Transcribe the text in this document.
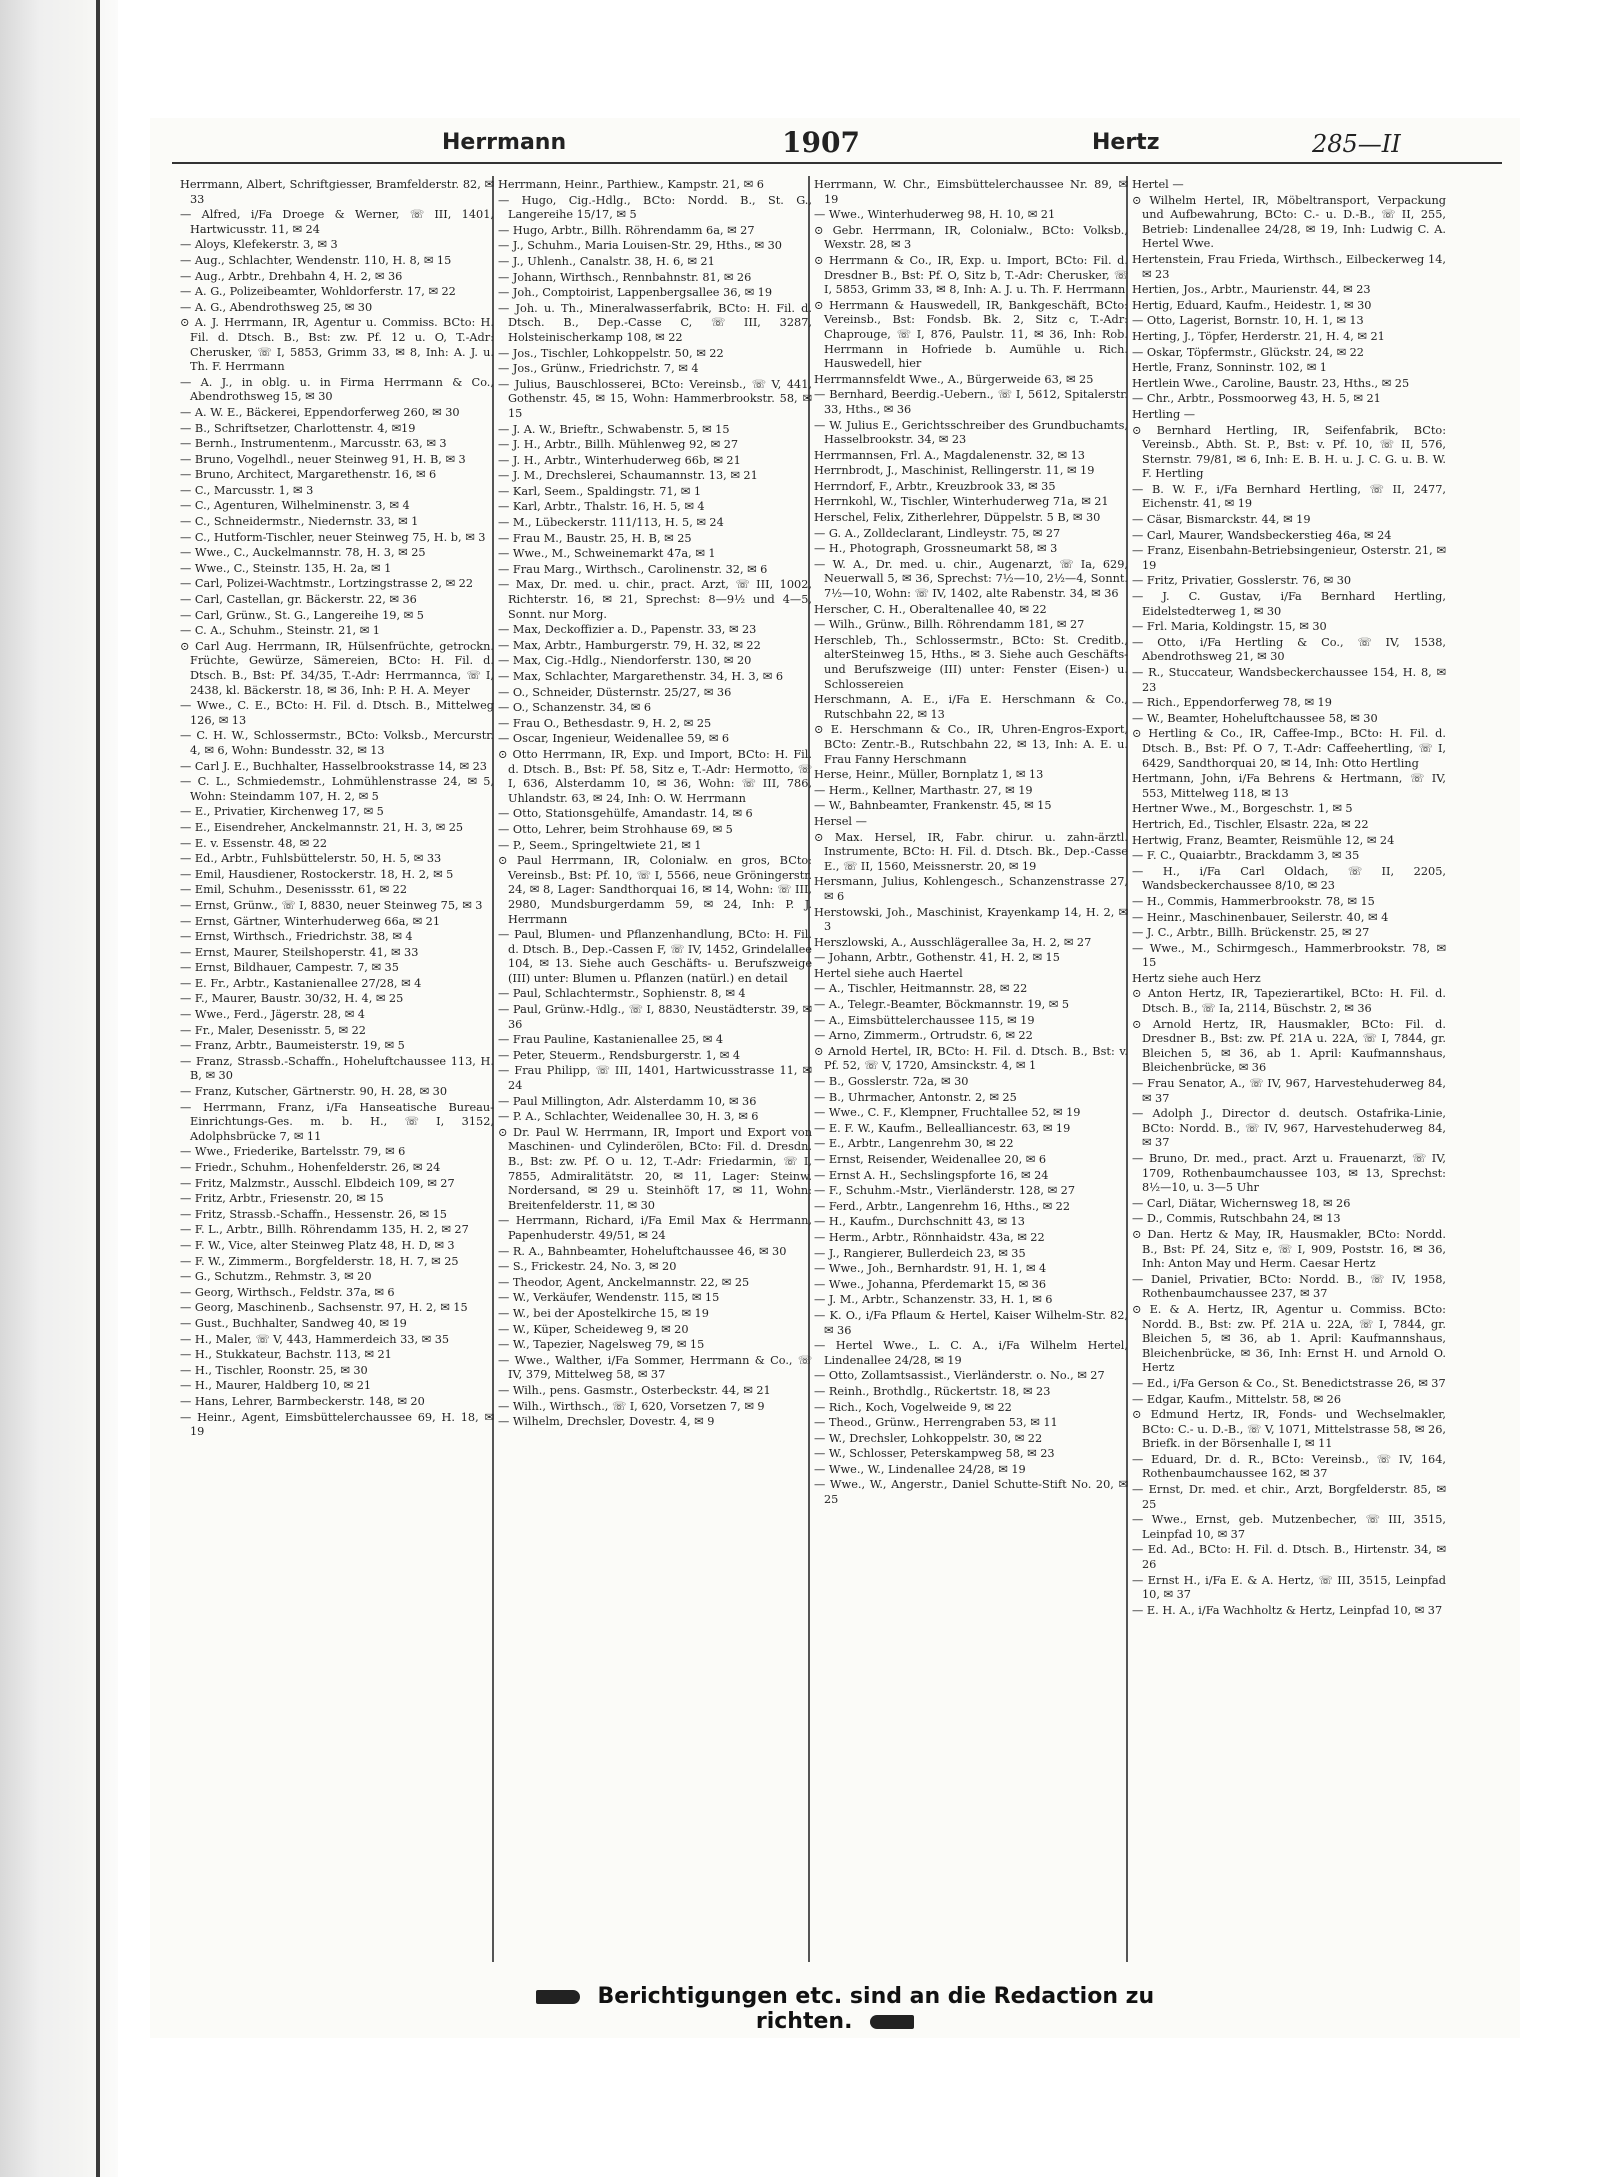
Herrmann	1907	Hertz	285—II
Herrmann, Albert, Schriftgiesser, Bramfelderstr. 82, ✉ 33
— Alfred, i/Fa Droege & Werner, ☏ III, 1401, Hartwicusstr. 11, ✉ 24
— Aloys, Klefekerstr. 3, ✉ 3
— Aug., Schlachter, Wendenstr. 110, H. 8, ✉ 15
— Aug., Arbtr., Drehbahn 4, H. 2, ✉ 36
— A. G., Polizeibeamter, Wohldorferstr. 17, ✉ 22
— A. G., Abendrothsweg 25, ✉ 30
⊙ A. J. Herrmann, IR, Agentur u. Commiss. BCto: H. Fil. d. Dtsch. B., Bst: zw. Pf. 12 u. O, T.-Adr: Cherusker, ☏ I, 5853, Grimm 33, ✉ 8, Inh: A. J. u. Th. F. Herrmann
— A. J., in oblg. u. in Firma Herrmann & Co., Abendrothsweg 15, ✉ 30
— A. W. E., Bäckerei, Eppendorferweg 260, ✉ 30
— B., Schriftsetzer, Charlottenstr. 4, ✉19
— Bernh., Instrumentenm., Marcusstr. 63, ✉ 3
— Bruno, Vogelhdl., neuer Steinweg 91, H. B, ✉ 3
— Bruno, Architect, Margarethenstr. 16, ✉ 6
— C., Marcusstr. 1, ✉ 3
— C., Agenturen, Wilhelminenstr. 3, ✉ 4
— C., Schneidermstr., Niedernstr. 33, ✉ 1
— C., Hutform-Tischler, neuer Steinweg 75, H. b, ✉ 3
— Wwe., C., Auckelmannstr. 78, H. 3, ✉ 25
— Wwe., C., Steinstr. 135, H. 2a, ✉ 1
— Carl, Polizei-Wachtmstr., Lortzingstrasse 2, ✉ 22
— Carl, Castellan, gr. Bäckerstr. 22, ✉ 36
— Carl, Grünw., St. G., Langereihe 19, ✉ 5
— C. A., Schuhm., Steinstr. 21, ✉ 1
⊙ Carl Aug. Herrmann, IR, Hülsenfrüchte, getrockn. Früchte, Gewürze, Sämereien, BCto: H. Fil. d. Dtsch. B., Bst: Pf. 34/35, T.-Adr: Herrmannca, ☏ I, 2438, kl. Bäckerstr. 18, ✉ 36, Inh: P. H. A. Meyer
— Wwe., C. E., BCto: H. Fil. d. Dtsch. B., Mittelweg 126, ✉ 13
— C. H. W., Schlossermstr., BCto: Volksb., Mercurstr. 4, ✉ 6, Wohn: Bundesstr. 32, ✉ 13
— Carl J. E., Buchhalter, Hasselbrookstrasse 14, ✉ 23
— C. L., Schmiedemstr., Lohmühlenstrasse 24, ✉ 5, Wohn: Steindamm 107, H. 2, ✉ 5
— E., Privatier, Kirchenweg 17, ✉ 5
— E., Eisendreher, Anckelmannstr. 21, H. 3, ✉ 25
— E. v. Essenstr. 48, ✉ 22
— Ed., Arbtr., Fuhlsbüttelerstr. 50, H. 5, ✉ 33
— Emil, Hausdiener, Rostockerstr. 18, H. 2, ✉ 5
— Emil, Schuhm., Desenissstr. 61, ✉ 22
— Ernst, Grünw., ☏ I, 8830, neuer Steinweg 75, ✉ 3
— Ernst, Gärtner, Winterhuderweg 66a, ✉ 21
— Ernst, Wirthsch., Friedrichstr. 38, ✉ 4
— Ernst, Maurer, Steilshoperstr. 41, ✉ 33
— Ernst, Bildhauer, Campestr. 7, ✉ 35
— E. Fr., Arbtr., Kastanienallee 27/28, ✉ 4
— F., Maurer, Baustr. 30/32, H. 4, ✉ 25
— Wwe., Ferd., Jägerstr. 28, ✉ 4
— Fr., Maler, Desenisstr. 5, ✉ 22
— Franz, Arbtr., Baumeisterstr. 19, ✉ 5
— Franz, Strassb.-Schaffn., Hoheluftchaussee 113, H. B, ✉ 30
— Franz, Kutscher, Gärtnerstr. 90, H. 28, ✉ 30
— Herrmann, Franz, i/Fa Hanseatische Bureau-Einrichtungs-Ges. m. b. H., ☏ I, 3152, Adolphsbrücke 7, ✉ 11
— Wwe., Friederike, Bartelsstr. 79, ✉ 6
— Friedr., Schuhm., Hohenfelderstr. 26, ✉ 24
— Fritz, Malzmstr., Ausschl. Elbdeich 109, ✉ 27
— Fritz, Arbtr., Friesenstr. 20, ✉ 15
— Fritz, Strassb.-Schaffn., Hessenstr. 26, ✉ 15
— F. L., Arbtr., Billh. Röhrendamm 135, H. 2, ✉ 27
— F. W., Vice, alter Steinweg Platz 48, H. D, ✉ 3
— F. W., Zimmerm., Borgfelderstr. 18, H. 7, ✉ 25
— G., Schutzm., Rehmstr. 3, ✉ 20
— Georg, Wirthsch., Feldstr. 37a, ✉ 6
— Georg, Maschinenb., Sachsenstr. 97, H. 2, ✉ 15
— Gust., Buchhalter, Sandweg 40, ✉ 19
— H., Maler, ☏ V, 443, Hammerdeich 33, ✉ 35
— H., Stukkateur, Bachstr. 113, ✉ 21
— H., Tischler, Roonstr. 25, ✉ 30
— H., Maurer, Haldberg 10, ✉ 21
— Hans, Lehrer, Barmbeckerstr. 148, ✉ 20
— Heinr., Agent, Eimsbüttelerchaussee 69, H. 18, ✉ 19
Herrmann, Heinr., Parthiew., Kampstr. 21, ✉ 6
— Hugo, Cig.-Hdlg., BCto: Nordd. B., St. G., Langereihe 15/17, ✉ 5
— Hugo, Arbtr., Billh. Röhrendamm 6a, ✉ 27
— J., Schuhm., Maria Louisen-Str. 29, Hths., ✉ 30
— J., Uhlenh., Canalstr. 38, H. 6, ✉ 21
— Johann, Wirthsch., Rennbahnstr. 81, ✉ 26
— Joh., Comptoirist, Lappenbergsallee 36, ✉ 19
— Joh. u. Th., Mineralwasserfabrik, BCto: H. Fil. d. Dtsch. B., Dep.-Casse C, ☏ III, 3287, Holsteinischerkamp 108, ✉ 22
— Jos., Tischler, Lohkoppelstr. 50, ✉ 22
— Jos., Grünw., Friedrichstr. 7, ✉ 4
— Julius, Bauschlosserei, BCto: Vereinsb., ☏ V, 441, Gothenstr. 45, ✉ 15, Wohn: Hammerbrookstr. 58, ✉ 15
— J. A. W., Brieftr., Schwabenstr. 5, ✉ 15
— J. H., Arbtr., Billh. Mühlenweg 92, ✉ 27
— J. H., Arbtr., Winterhuderweg 66b, ✉ 21
— J. M., Drechslerei, Schaumannstr. 13, ✉ 21
— Karl, Seem., Spaldingstr. 71, ✉ 1
— Karl, Arbtr., Thalstr. 16, H. 5, ✉ 4
— M., Lübeckerstr. 111/113, H. 5, ✉ 24
— Frau M., Baustr. 25, H. B, ✉ 25
— Wwe., M., Schweinemarkt 47a, ✉ 1
— Frau Marg., Wirthsch., Carolinenstr. 32, ✉ 6
— Max, Dr. med. u. chir., pract. Arzt, ☏ III, 1002, Richterstr. 16, ✉ 21, Sprechst: 8—9½ und 4—5, Sonnt. nur Morg.
— Max, Deckoffizier a. D., Papenstr. 33, ✉ 23
— Max, Arbtr., Hamburgerstr. 79, H. 32, ✉ 22
— Max, Cig.-Hdlg., Niendorferstr. 130, ✉ 20
— Max, Schlachter, Margarethenstr. 34, H. 3, ✉ 6
— O., Schneider, Düsternstr. 25/27, ✉ 36
— O., Schanzenstr. 34, ✉ 6
— Frau O., Bethesdastr. 9, H. 2, ✉ 25
— Oscar, Ingenieur, Weidenallee 59, ✉ 6
⊙ Otto Herrmann, IR, Exp. und Import, BCto: H. Fil. d. Dtsch. B., Bst: Pf. 58, Sitz e, T.-Adr: Hermotto, ☏ I, 636, Alsterdamm 10, ✉ 36, Wohn: ☏ III, 786, Uhlandstr. 63, ✉ 24, Inh: O. W. Herrmann
— Otto, Stationsgehülfe, Amandastr. 14, ✉ 6
— Otto, Lehrer, beim Strohhause 69, ✉ 5
— P., Seem., Springeltwiete 21, ✉ 1
⊙ Paul Herrmann, IR, Colonialw. en gros, BCto: Vereinsb., Bst: Pf. 10, ☏ I, 5566, neue Gröningerstr. 24, ✉ 8, Lager: Sandthorquai 16, ✉ 14, Wohn: ☏ III, 2980, Mundsburgerdamm 59, ✉ 24, Inh: P. J. Herrmann
— Paul, Blumen- und Pflanzenhandlung, BCto: H. Fil. d. Dtsch. B., Dep.-Cassen F, ☏ IV, 1452, Grindelallee 104, ✉ 13. Siehe auch Geschäfts- u. Berufszweige (III) unter: Blumen u. Pflanzen (natürl.) en detail
— Paul, Schlachtermstr., Sophienstr. 8, ✉ 4
— Paul, Grünw.-Hdlg., ☏ I, 8830, Neustädterstr. 39, ✉ 36
— Frau Pauline, Kastanienallee 25, ✉ 4
— Peter, Steuerm., Rendsburgerstr. 1, ✉ 4
— Frau Philipp, ☏ III, 1401, Hartwicusstrasse 11, ✉ 24
— Paul Millington, Adr. Alsterdamm 10, ✉ 36
— P. A., Schlachter, Weidenallee 30, H. 3, ✉ 6
⊙ Dr. Paul W. Herrmann, IR, Import und Export von Maschinen- und Cylinderölen, BCto: Fil. d. Dresdn. B., Bst: zw. Pf. O u. 12, T.-Adr: Friedarmin, ☏ I, 7855, Admiralitätstr. 20, ✉ 11, Lager: Steinw. Nordersand, ✉ 29 u. Steinhöft 17, ✉ 11, Wohn: Breitenfelderstr. 11, ✉ 30
— Herrmann, Richard, i/Fa Emil Max & Herrmann, Papenhuderstr. 49/51, ✉ 24
— R. A., Bahnbeamter, Hoheluftchaussee 46, ✉ 30
— S., Frickestr. 24, No. 3, ✉ 20
— Theodor, Agent, Anckelmannstr. 22, ✉ 25
— W., Verkäufer, Wendenstr. 115, ✉ 15
— W., bei der Apostelkirche 15, ✉ 19
— W., Küper, Scheideweg 9, ✉ 20
— W., Tapezier, Nagelsweg 79, ✉ 15
— Wwe., Walther, i/Fa Sommer, Herrmann & Co., ☏ IV, 379, Mittelweg 58, ✉ 37
— Wilh., pens. Gasmstr., Osterbeckstr. 44, ✉ 21
— Wilh., Wirthsch., ☏ I, 620, Vorsetzen 7, ✉ 9
— Wilhelm, Drechsler, Dovestr. 4, ✉ 9
Herrmann, W. Chr., Eimsbüttelerchaussee Nr. 89, ✉ 19
— Wwe., Winterhuderweg 98, H. 10, ✉ 21
⊙ Gebr. Herrmann, IR, Colonialw., BCto: Volksb., Wexstr. 28, ✉ 3
⊙ Herrmann & Co., IR, Exp. u. Import, BCto: Fil. d. Dresdner B., Bst: Pf. O, Sitz b, T.-Adr: Cherusker, ☏ I, 5853, Grimm 33, ✉ 8, Inh: A. J. u. Th. F. Herrmann
⊙ Herrmann & Hauswedell, IR, Bankgeschäft, BCto: Vereinsb., Bst: Fondsb. Bk. 2, Sitz c, T.-Adr: Chaprouge, ☏ I, 876, Paulstr. 11, ✉ 36, Inh: Rob. Herrmann in Hofriede b. Aumühle u. Rich. Hauswedell, hier
Herrmannsfeldt Wwe., A., Bürgerweide 63, ✉ 25
— Bernhard, Beerdig.-Uebern., ☏ I, 5612, Spitalerstr. 33, Hths., ✉ 36
— W. Julius E., Gerichtsschreiber des Grundbuchamts, Hasselbrookstr. 34, ✉ 23
Herrmannsen, Frl. A., Magdalenenstr. 32, ✉ 13
Herrnbrodt, J., Maschinist, Rellingerstr. 11, ✉ 19
Herrndorf, F., Arbtr., Kreuzbrook 33, ✉ 35
Herrnkohl, W., Tischler, Winterhuderweg 71a, ✉ 21
Herschel, Felix, Zitherlehrer, Düppelstr. 5 B, ✉ 30
— G. A., Zolldeclarant, Lindleystr. 75, ✉ 27
— H., Photograph, Grossneumarkt 58, ✉ 3
— W. A., Dr. med. u. chir., Augenarzt, ☏ Ia, 629, Neuerwall 5, ✉ 36, Sprechst: 7½—10, 2½—4, Sonnt. 7½—10, Wohn: ☏ IV, 1402, alte Rabenstr. 34, ✉ 36
Herscher, C. H., Oberaltenallee 40, ✉ 22
— Wilh., Grünw., Billh. Röhrendamm 181, ✉ 27
Herschleb, Th., Schlossermstr., BCto: St. Creditb., alterSteinweg 15, Hths., ✉ 3. Siehe auch Geschäfts- und Berufszweige (III) unter: Fenster (Eisen-) u. Schlossereien
Herschmann, A. E., i/Fa E. Herschmann & Co., Rutschbahn 22, ✉ 13
⊙ E. Herschmann & Co., IR, Uhren-Engros-Export, BCto: Zentr.-B., Rutschbahn 22, ✉ 13, Inh: A. E. u. Frau Fanny Herschmann
Herse, Heinr., Müller, Bornplatz 1, ✉ 13
— Herm., Kellner, Marthastr. 27, ✉ 19
— W., Bahnbeamter, Frankenstr. 45, ✉ 15
Hersel —
⊙ Max. Hersel, IR, Fabr. chirur. u. zahn-ärztl. Instrumente, BCto: H. Fil. d. Dtsch. Bk., Dep.-Casse E., ☏ II, 1560, Meissnerstr. 20, ✉ 19
Hersmann, Julius, Kohlengesch., Schanzenstrasse 27, ✉ 6
Herstowski, Joh., Maschinist, Krayenkamp 14, H. 2, ✉ 3
Herszlowski, A., Ausschlägerallee 3a, H. 2, ✉ 27
— Johann, Arbtr., Gothenstr. 41, H. 2, ✉ 15
Hertel siehe auch Haertel
— A., Tischler, Heitmannstr. 28, ✉ 22
— A., Telegr.-Beamter, Böckmannstr. 19, ✉ 5
— A., Eimsbüttelerchaussee 115, ✉ 19
— Arno, Zimmerm., Ortrudstr. 6, ✉ 22
⊙ Arnold Hertel, IR, BCto: H. Fil. d. Dtsch. B., Bst: v. Pf. 52, ☏ V, 1720, Amsinckstr. 4, ✉ 1
— B., Gosslerstr. 72a, ✉ 30
— B., Uhrmacher, Antonstr. 2, ✉ 25
— Wwe., C. F., Klempner, Fruchtallee 52, ✉ 19
— E. F. W., Kaufm., Bellealliancestr. 63, ✉ 19
— E., Arbtr., Langenrehm 30, ✉ 22
— Ernst, Reisender, Weidenallee 20, ✉ 6
— Ernst A. H., Sechslingspforte 16, ✉ 24
— F., Schuhm.-Mstr., Vierländerstr. 128, ✉ 27
— Ferd., Arbtr., Langenrehm 16, Hths., ✉ 22
— H., Kaufm., Durchschnitt 43, ✉ 13
— Herm., Arbtr., Rönnhaidstr. 43a, ✉ 22
— J., Rangierer, Bullerdeich 23, ✉ 35
— Wwe., Joh., Bernhardstr. 91, H. 1, ✉ 4
— Wwe., Johanna, Pferdemarkt 15, ✉ 36
— J. M., Arbtr., Schanzenstr. 33, H. 1, ✉ 6
— K. O., i/Fa Pflaum & Hertel, Kaiser Wilhelm-Str. 82, ✉ 36
— Hertel Wwe., L. C. A., i/Fa Wilhelm Hertel, Lindenallee 24/28, ✉ 19
— Otto, Zollamtsassist., Vierländerstr. o. No., ✉ 27
— Reinh., Brothdlg., Rückertstr. 18, ✉ 23
— Rich., Koch, Vogelweide 9, ✉ 22
— Theod., Grünw., Herrengraben 53, ✉ 11
— W., Drechsler, Lohkoppelstr. 30, ✉ 22
— W., Schlosser, Peterskampweg 58, ✉ 23
— Wwe., W., Lindenallee 24/28, ✉ 19
— Wwe., W., Angerstr., Daniel Schutte-Stift No. 20, ✉ 25
Hertel —
⊙ Wilhelm Hertel, IR, Möbeltransport, Verpackung und Aufbewahrung, BCto: C.- u. D.-B., ☏ II, 255, Betrieb: Lindenallee 24/28, ✉ 19, Inh: Ludwig C. A. Hertel Wwe.
Hertenstein, Frau Frieda, Wirthsch., Eilbeckerweg 14, ✉ 23
Hertien, Jos., Arbtr., Maurienstr. 44, ✉ 23
Hertig, Eduard, Kaufm., Heidestr. 1, ✉ 30
— Otto, Lagerist, Bornstr. 10, H. 1, ✉ 13
Herting, J., Töpfer, Herderstr. 21, H. 4, ✉ 21
— Oskar, Töpfermstr., Glückstr. 24, ✉ 22
Hertle, Franz, Sonninstr. 102, ✉ 1
Hertlein Wwe., Caroline, Baustr. 23, Hths., ✉ 25
— Chr., Arbtr., Possmoorweg 43, H. 5, ✉ 21
Hertling —
⊙ Bernhard Hertling, IR, Seifenfabrik, BCto: Vereinsb., Abth. St. P., Bst: v. Pf. 10, ☏ II, 576, Sternstr. 79/81, ✉ 6, Inh: E. B. H. u. J. C. G. u. B. W. F. Hertling
— B. W. F., i/Fa Bernhard Hertling, ☏ II, 2477, Eichenstr. 41, ✉ 19
— Cäsar, Bismarckstr. 44, ✉ 19
— Carl, Maurer, Wandsbeckerstieg 46a, ✉ 24
— Franz, Eisenbahn-Betriebsingenieur, Osterstr. 21, ✉ 19
— Fritz, Privatier, Gosslerstr. 76, ✉ 30
— J. C. Gustav, i/Fa Bernhard Hertling, Eidelstedterweg 1, ✉ 30
— Frl. Maria, Koldingstr. 15, ✉ 30
— Otto, i/Fa Hertling & Co., ☏ IV, 1538, Abendrothsweg 21, ✉ 30
— R., Stuccateur, Wandsbeckerchaussee 154, H. 8, ✉ 23
— Rich., Eppendorferweg 78, ✉ 19
— W., Beamter, Hoheluftchaussee 58, ✉ 30
⊙ Hertling & Co., IR, Caffee-Imp., BCto: H. Fil. d. Dtsch. B., Bst: Pf. O 7, T.-Adr: Caffeehertling, ☏ I, 6429, Sandthorquai 20, ✉ 14, Inh: Otto Hertling
Hertmann, John, i/Fa Behrens & Hertmann, ☏ IV, 553, Mittelweg 118, ✉ 13
Hertner Wwe., M., Borgeschstr. 1, ✉ 5
Hertrich, Ed., Tischler, Elsastr. 22a, ✉ 22
Hertwig, Franz, Beamter, Reismühle 12, ✉ 24
— F. C., Quaiarbtr., Brackdamm 3, ✉ 35
— H., i/Fa Carl Oldach, ☏ II, 2205, Wandsbeckerchaussee 8/10, ✉ 23
— H., Commis, Hammerbrookstr. 78, ✉ 15
— Heinr., Maschinenbauer, Seilerstr. 40, ✉ 4
— J. C., Arbtr., Billh. Brückenstr. 25, ✉ 27
— Wwe., M., Schirmgesch., Hammerbrookstr. 78, ✉ 15
Hertz siehe auch Herz
⊙ Anton Hertz, IR, Tapezierartikel, BCto: H. Fil. d. Dtsch. B., ☏ Ia, 2114, Büschstr. 2, ✉ 36
⊙ Arnold Hertz, IR, Hausmakler, BCto: Fil. d. Dresdner B., Bst: zw. Pf. 21A u. 22A, ☏ I, 7844, gr. Bleichen 5, ✉ 36, ab 1. April: Kaufmannshaus, Bleichenbrücke, ✉ 36
— Frau Senator, A., ☏ IV, 967, Harvestehuderweg 84, ✉ 37
— Adolph J., Director d. deutsch. Ostafrika-Linie, BCto: Nordd. B., ☏ IV, 967, Harvestehuderweg 84, ✉ 37
— Bruno, Dr. med., pract. Arzt u. Frauenarzt, ☏ IV, 1709, Rothenbaumchaussee 103, ✉ 13, Sprechst: 8½—10, u. 3—5 Uhr
— Carl, Diätar, Wichernsweg 18, ✉ 26
— D., Commis, Rutschbahn 24, ✉ 13
⊙ Dan. Hertz & May, IR, Hausmakler, BCto: Nordd. B., Bst: Pf. 24, Sitz e, ☏ I, 909, Poststr. 16, ✉ 36, Inh: Anton May und Herm. Caesar Hertz
— Daniel, Privatier, BCto: Nordd. B., ☏ IV, 1958, Rothenbaumchaussee 237, ✉ 37
⊙ E. & A. Hertz, IR, Agentur u. Commiss. BCto: Nordd. B., Bst: zw. Pf. 21A u. 22A, ☏ I, 7844, gr. Bleichen 5, ✉ 36, ab 1. April: Kaufmannshaus, Bleichenbrücke, ✉ 36, Inh: Ernst H. und Arnold O. Hertz
— Ed., i/Fa Gerson & Co., St. Benedictstrasse 26, ✉ 37
— Edgar, Kaufm., Mittelstr. 58, ✉ 26
⊙ Edmund Hertz, IR, Fonds- und Wechselmakler, BCto: C.- u. D.-B., ☏ V, 1071, Mittelstrasse 58, ✉ 26, Briefk. in der Börsenhalle I, ✉ 11
— Eduard, Dr. d. R., BCto: Vereinsb., ☏ IV, 164, Rothenbaumchaussee 162, ✉ 37
— Ernst, Dr. med. et chir., Arzt, Borgfelderstr. 85, ✉ 25
— Wwe., Ernst, geb. Mutzenbecher, ☏ III, 3515, Leinpfad 10, ✉ 37
— Ed. Ad., BCto: H. Fil. d. Dtsch. B., Hirtenstr. 34, ✉ 26
— Ernst H., i/Fa E. & A. Hertz, ☏ III, 3515, Leinpfad 10, ✉ 37
— E. H. A., i/Fa Wachholtz & Hertz, Leinpfad 10, ✉ 37
Berichtigungen etc. sind an die Redaction zu richten.
